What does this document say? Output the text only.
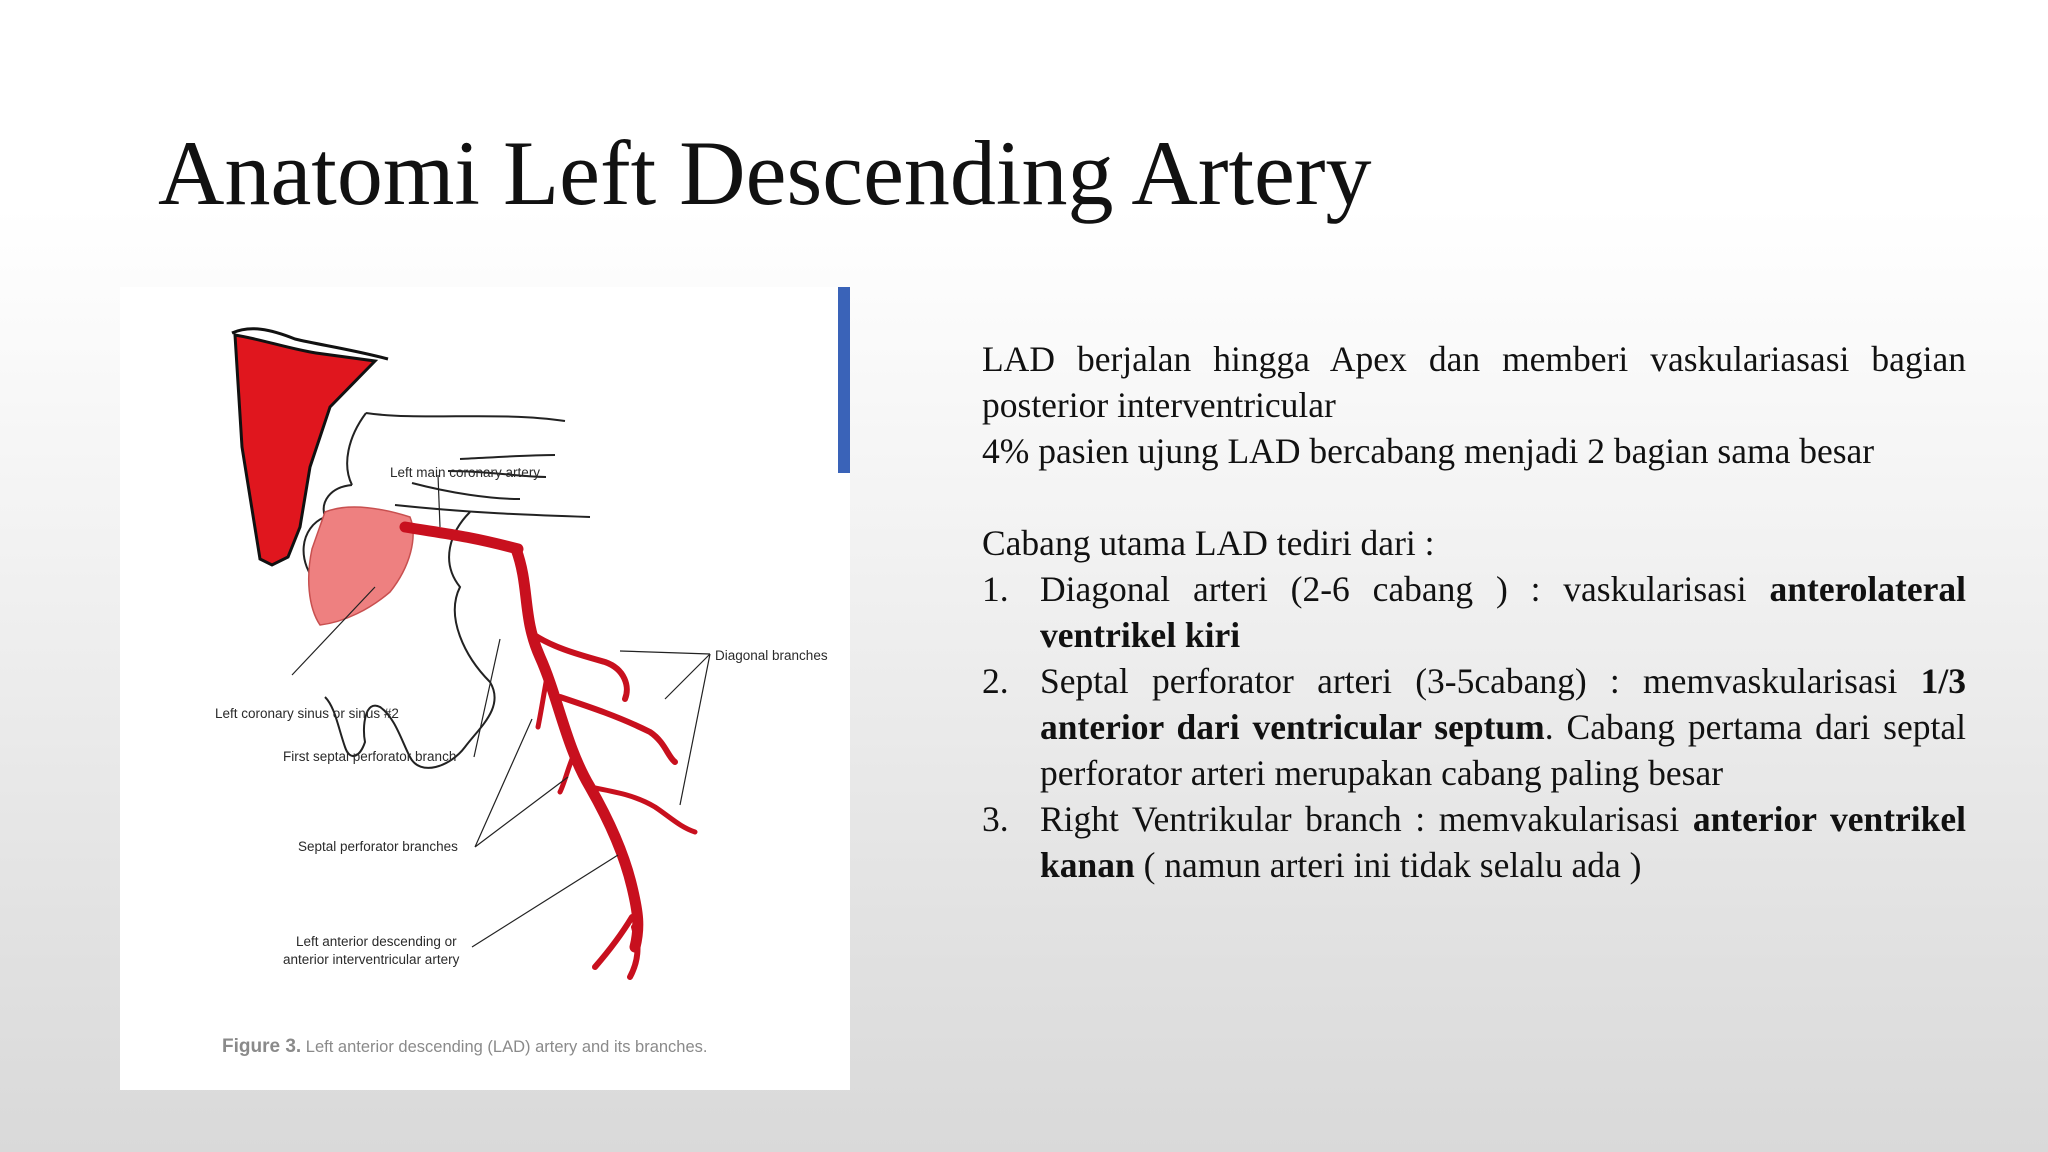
Anatomi Left Descending Artery
Left main coronary artery
Diagonal branches
Left coronary sinus or sinus #2
First septal perforator branch
Septal perforator branches
Left anterior descending or
anterior interventricular artery
Figure 3. Left anterior descending (LAD) artery and its branches.

LAD berjalan hingga Apex dan memberi vaskulariasasi bagian posterior interventricular

4% pasien ujung LAD bercabang menjadi 2 bagian sama besar

Cabang utama LAD tediri dari :

1. Diagonal arteri (2-6 cabang ) : vaskularisasi anterolateral ventrikel kiri
2. Septal perforator arteri (3-5cabang) : memvaskularisasi 1/3 anterior dari ventricular septum. Cabang pertama dari septal perforator arteri merupakan cabang paling besar
3. Right Ventrikular branch : memvakularisasi anterior ventrikel kanan ( namun arteri ini tidak selalu ada )
